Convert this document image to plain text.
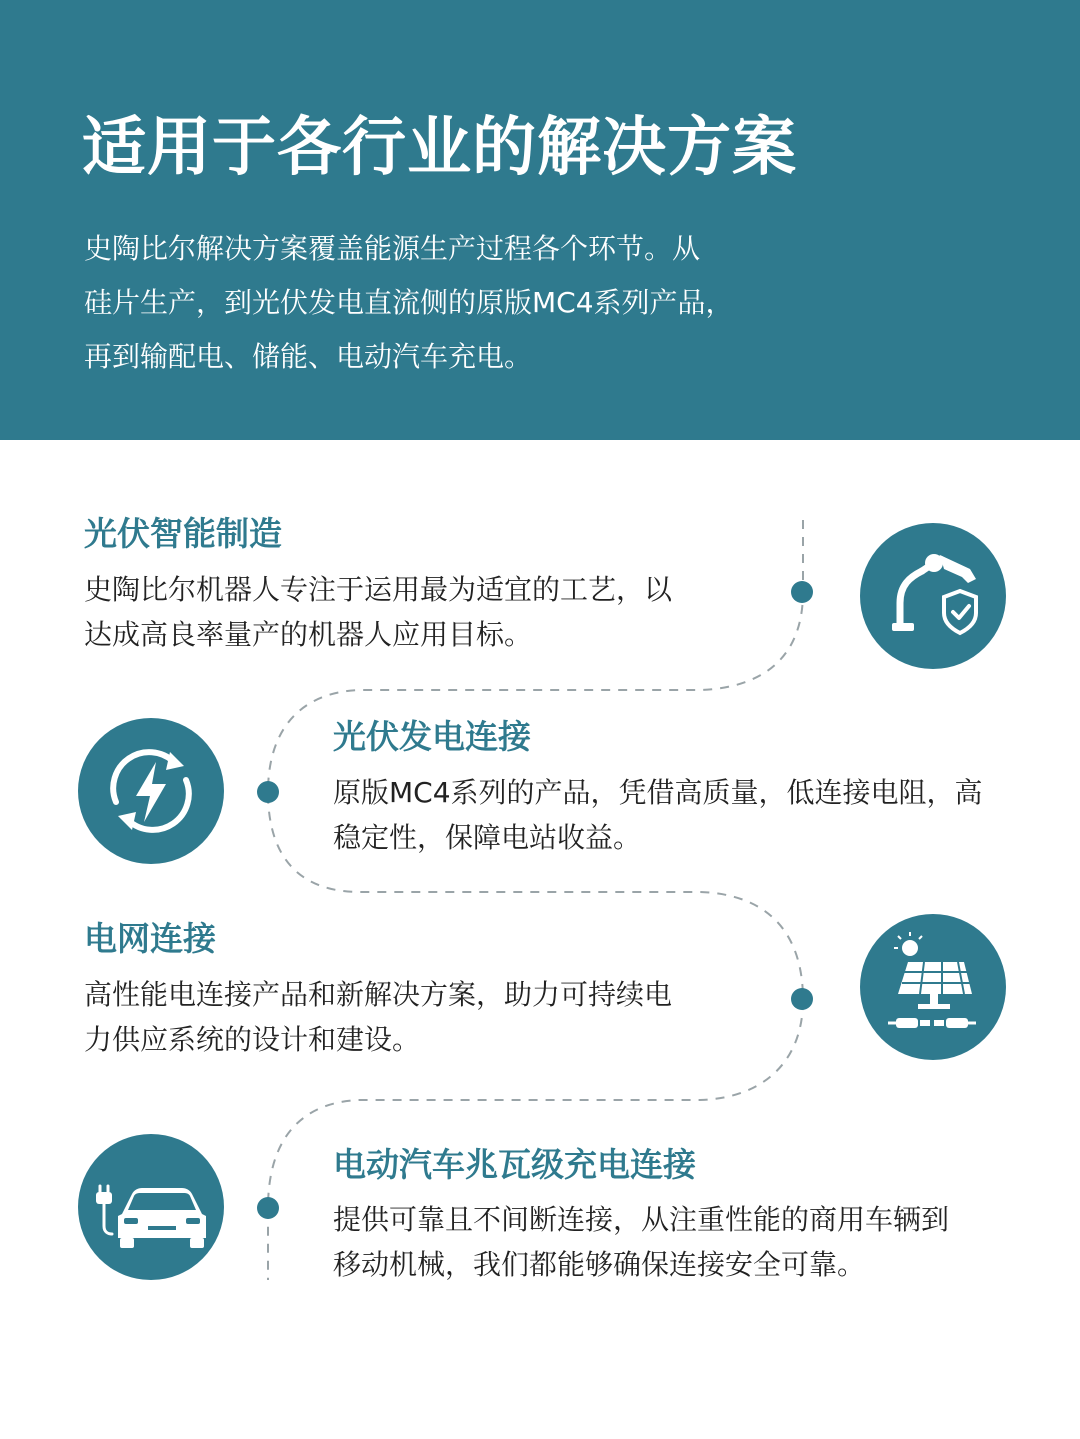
适用于各行业的解决方案
史陶比尔解决方案覆盖能源生产过程各个环节。从
硅片生产，到光伏发电直流侧的原版MC4系列产品，
再到输配电、储能、电动汽车充电。
光伏智能制造
史陶比尔机器人专注于运用最为适宜的工艺，以
达成高良率量产的机器人应用目标。
光伏发电连接
原版MC4系列的产品，凭借高质量，低连接电阻，高
稳定性，保障电站收益。
电网连接
高性能电连接产品和新解决方案，助力可持续电
力供应系统的设计和建设。
电动汽车兆瓦级充电连接
提供可靠且不间断连接，从注重性能的商用车辆到
移动机械，我们都能够确保连接安全可靠。
